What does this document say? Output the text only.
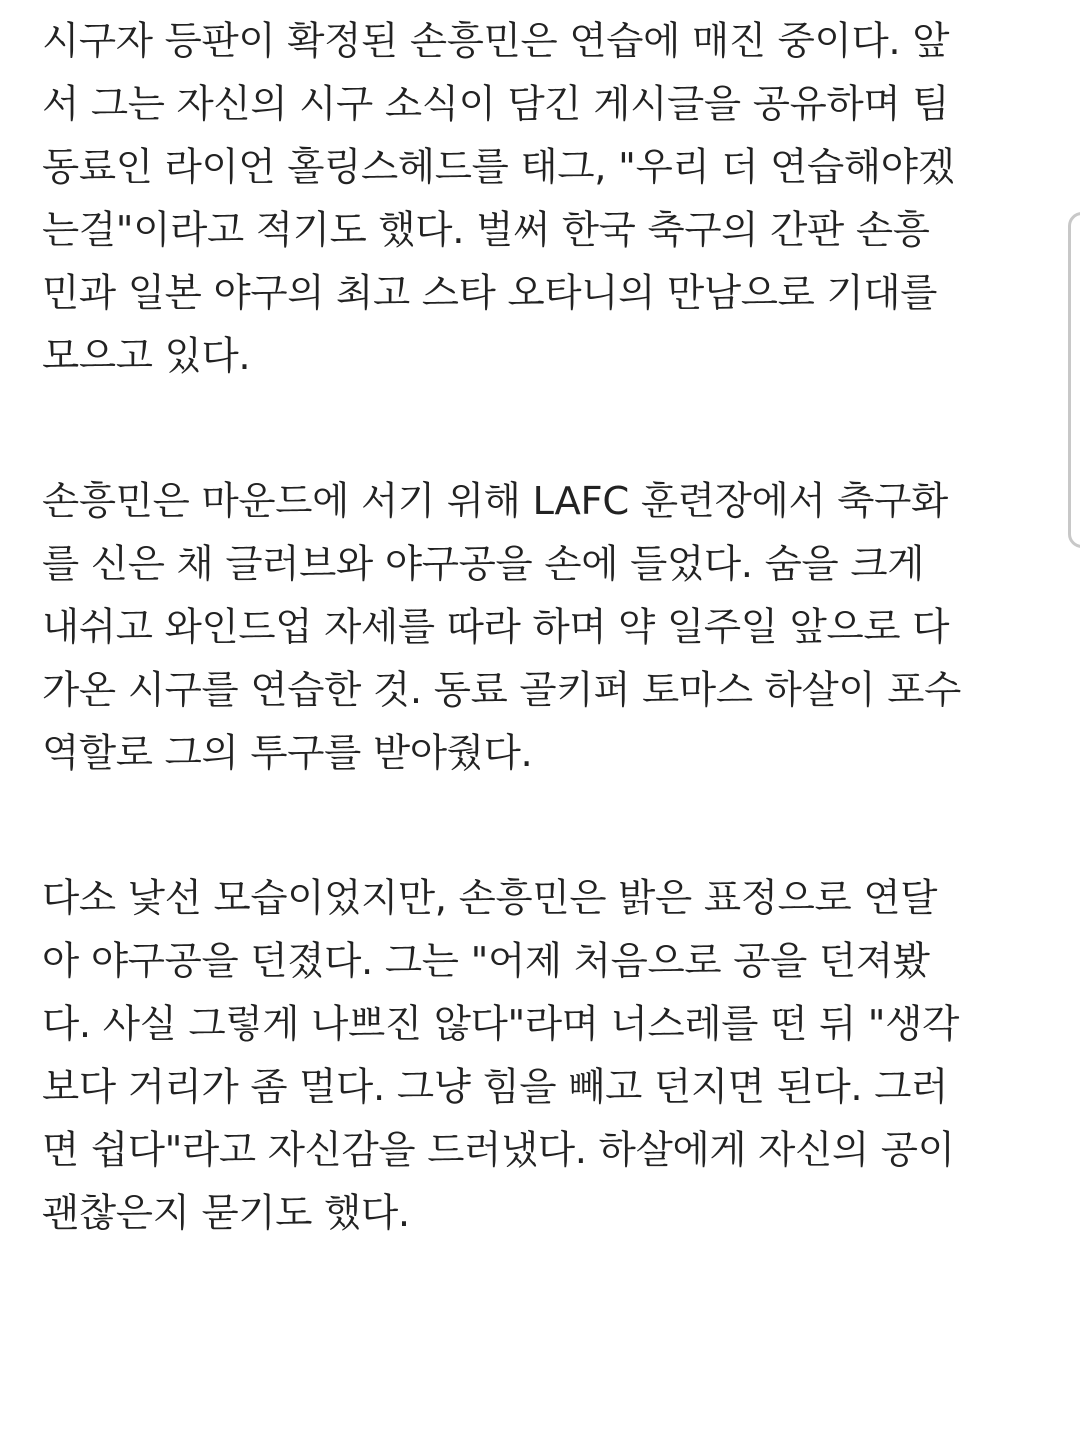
시구자 등판이 확정된 손흥민은 연습에 매진 중이다. 앞
서 그는 자신의 시구 소식이 담긴 게시글을 공유하며 팀
동료인 라이언 홀링스헤드를 태그, "우리 더 연습해야겠
는걸"이라고 적기도 했다. 벌써 한국 축구의 간판 손흥
민과 일본 야구의 최고 스타 오타니의 만남으로 기대를
모으고 있다.
손흥민은 마운드에 서기 위해 LAFC 훈련장에서 축구화
를 신은 채 글러브와 야구공을 손에 들었다. 숨을 크게
내쉬고 와인드업 자세를 따라 하며 약 일주일 앞으로 다
가온 시구를 연습한 것. 동료 골키퍼 토마스 하살이 포수
역할로 그의 투구를 받아줬다.
다소 낯선 모습이었지만, 손흥민은 밝은 표정으로 연달
아 야구공을 던졌다. 그는 "어제 처음으로 공을 던져봤
다. 사실 그렇게 나쁘진 않다"라며 너스레를 떤 뒤 "생각
보다 거리가 좀 멀다. 그냥 힘을 빼고 던지면 된다. 그러
면 쉽다"라고 자신감을 드러냈다. 하살에게 자신의 공이
괜찮은지 묻기도 했다.
